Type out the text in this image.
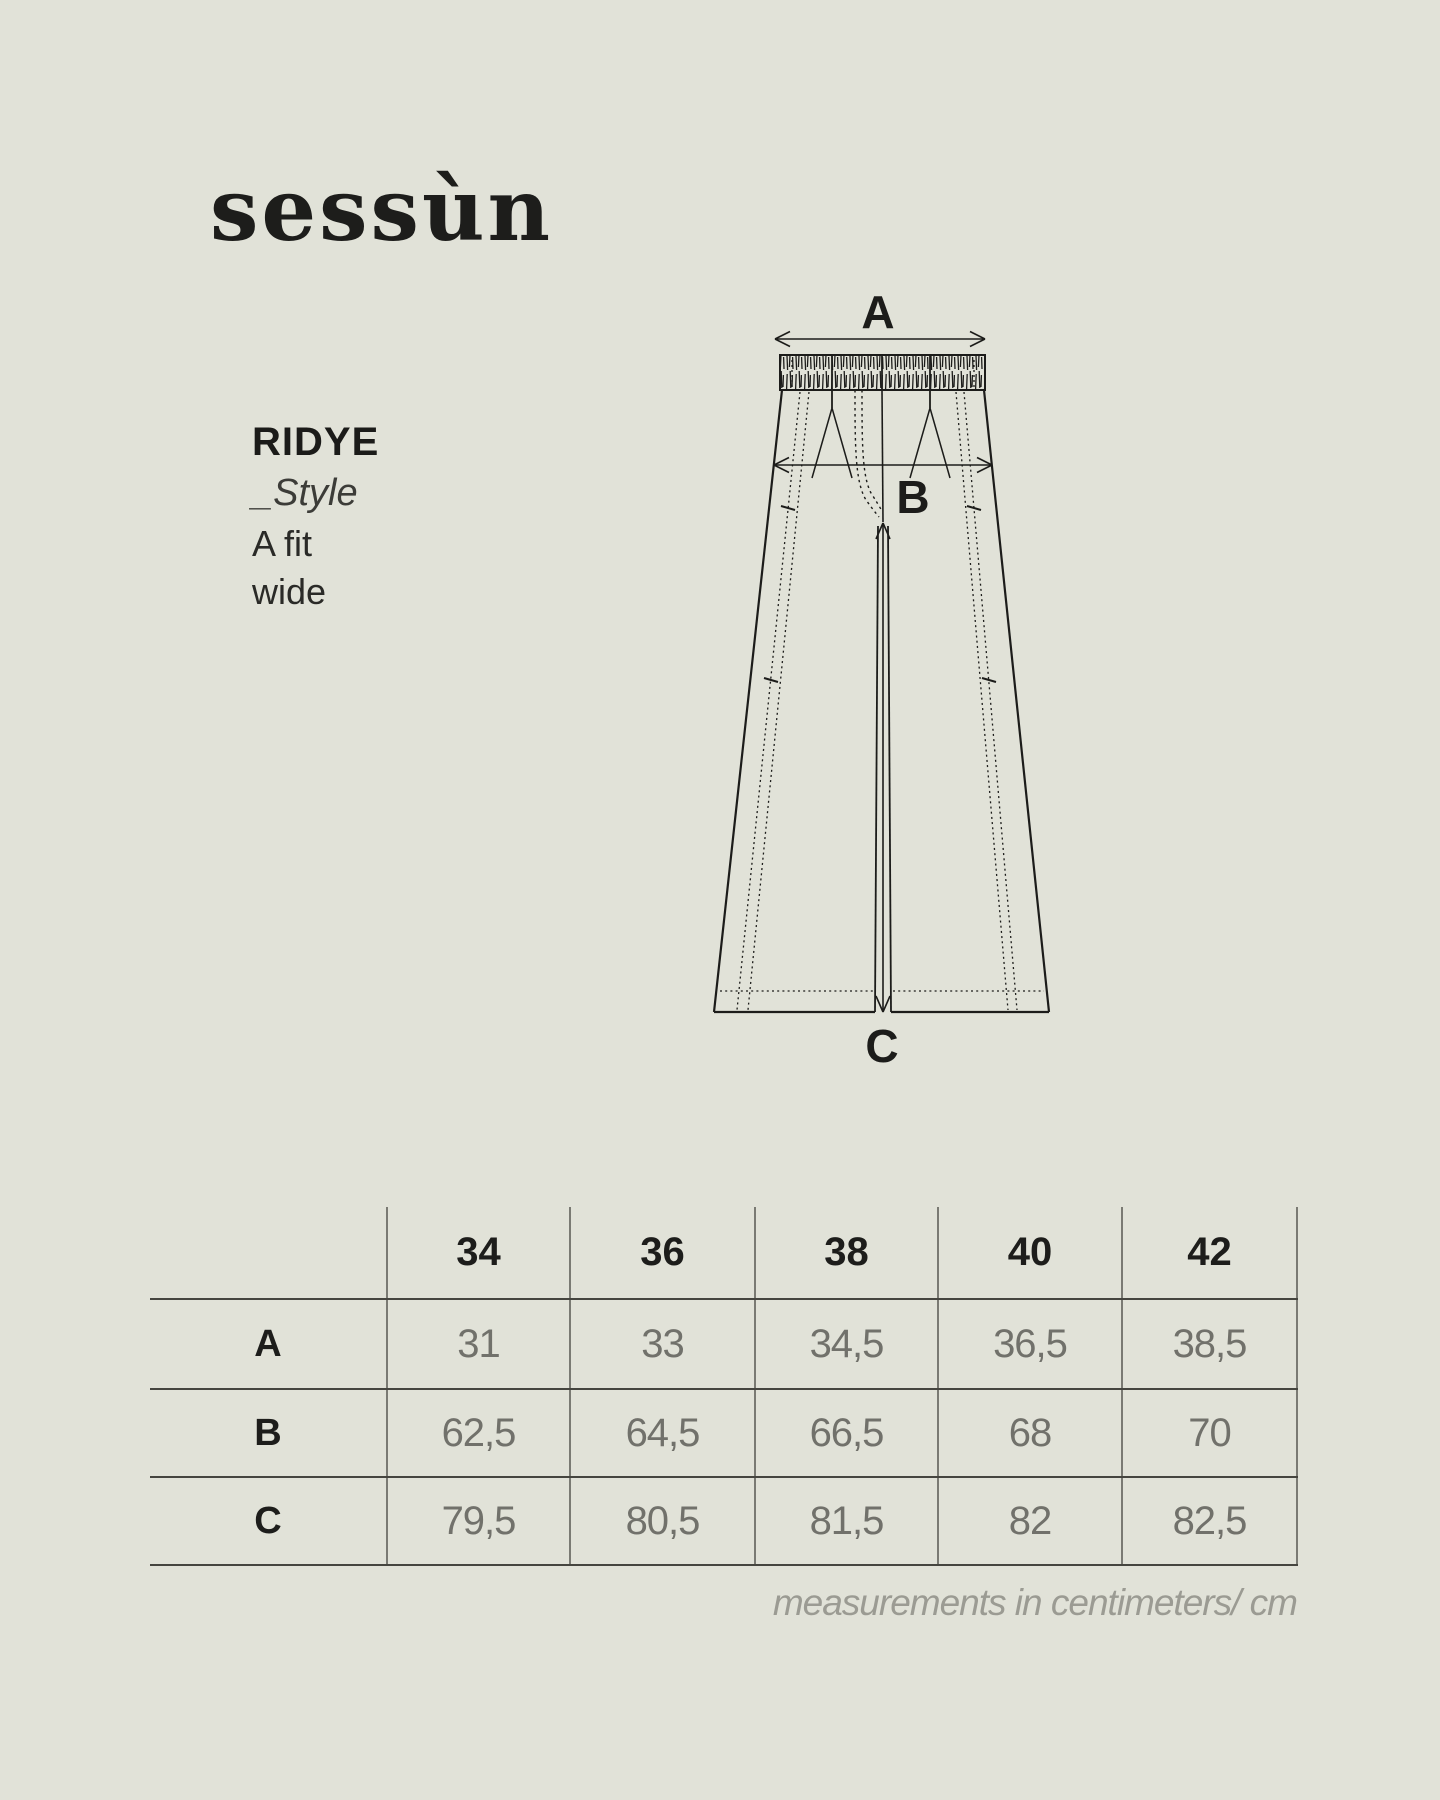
sessùn
RIDYE
_Style
A fit
wide
A
B
C
	34	36	38	40	42
A	31	33	34,5	36,5	38,5
B	62,5	64,5	66,5	68	70
C	79,5	80,5	81,5	82	82,5
measurements in centimeters/ cm
